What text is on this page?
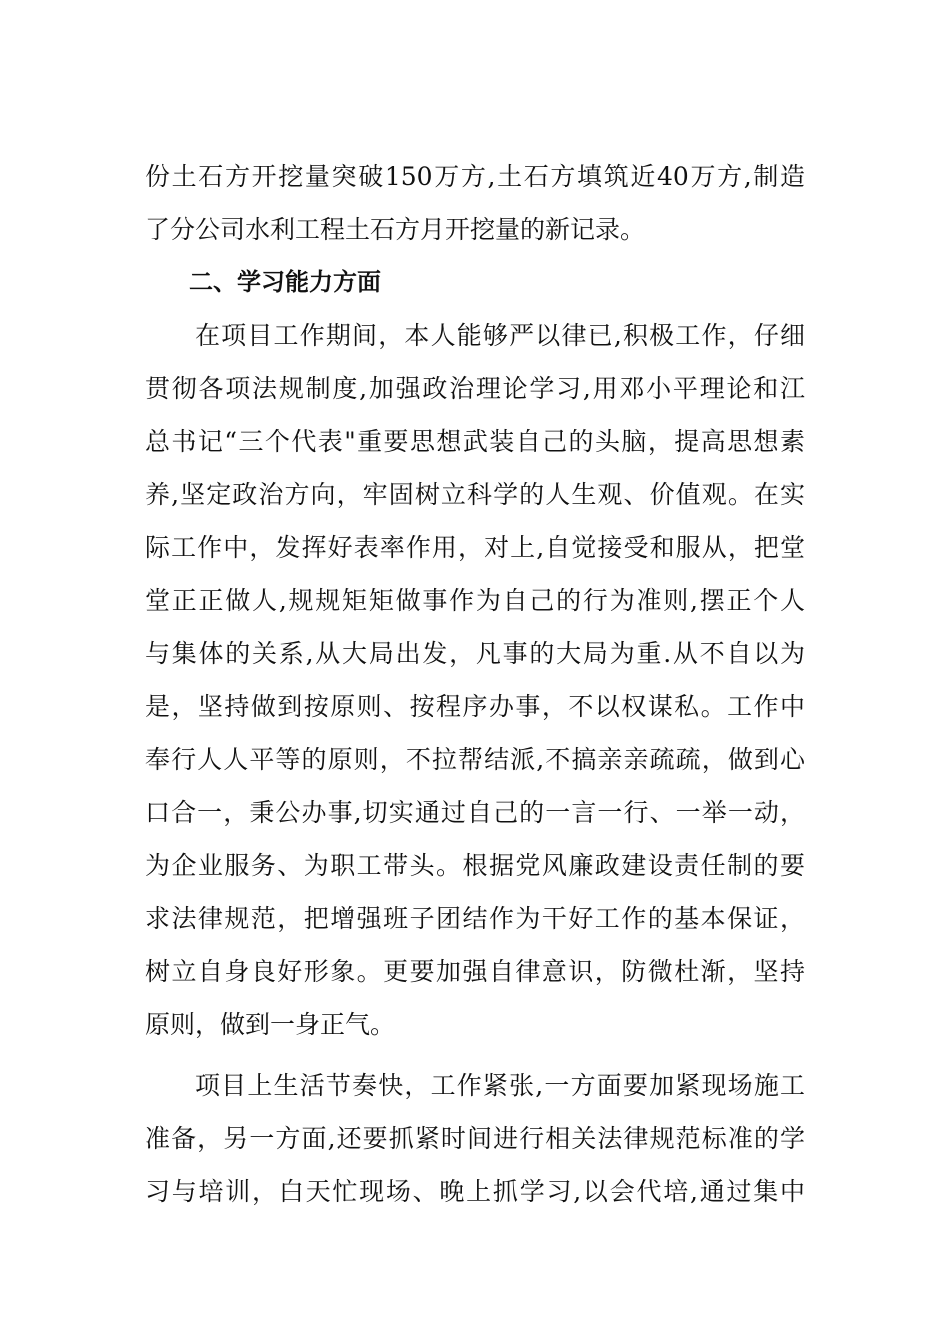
份土石方开挖量突破150万方,土石方填筑近40万方,制造
了分公司水利工程土石方月开挖量的新记录。
二、学习能力方面
在项目工作期间，本人能够严以律已,积极工作，仔细
贯彻各项法规制度,加强政治理论学习,用邓小平理论和江
总书记“三个代表"重要思想武装自己的头脑，提高思想素
养,坚定政治方向，牢固树立科学的人生观、价值观。在实
际工作中，发挥好表率作用，对上,自觉接受和服从，把堂
堂正正做人,规规矩矩做事作为自己的行为准则,摆正个人
与集体的关系,从大局出发，凡事的大局为重.从不自以为
是，坚持做到按原则、按程序办事，不以权谋私。工作中
奉行人人平等的原则，不拉帮结派,不搞亲亲疏疏，做到心
口合一，秉公办事,切实通过自己的一言一行、一举一动，
为企业服务、为职工带头。根据党风廉政建设责任制的要
求法律规范，把增强班子团结作为干好工作的基本保证，
树立自身良好形象。更要加强自律意识，防微杜渐，坚持
原则，做到一身正气。
项目上生活节奏快，工作紧张,一方面要加紧现场施工
准备，另一方面,还要抓紧时间进行相关法律规范标准的学
习与培训，白天忙现场、晚上抓学习,以会代培,通过集中
